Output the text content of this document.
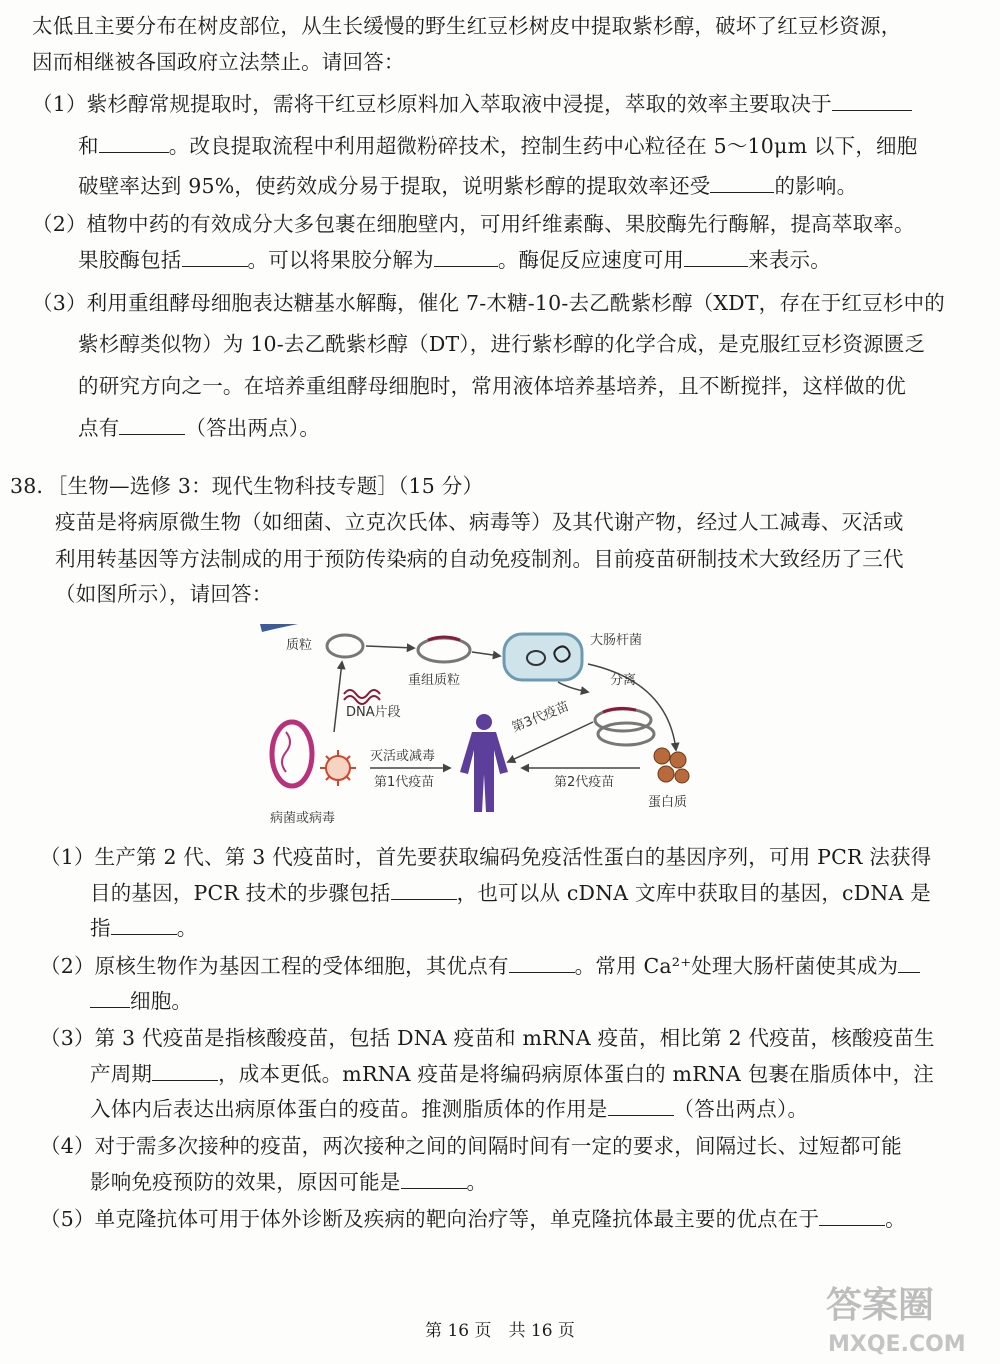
太低且主要分布在树皮部位，从生长缓慢的野生红豆杉树皮中提取紫杉醇，破坏了红豆杉资源，
因而相继被各国政府立法禁止。请回答：
（1）紫杉醇常规提取时，需将干红豆杉原料加入萃取液中浸提，萃取的效率主要取决于
和	。改良提取流程中利用超微粉碎技术，控制生药中心粒径在 5～10μm 以下，细胞
破壁率达到 95%，使药效成分易于提取，说明紫杉醇的提取效率还受	的影响。
（2）植物中药的有效成分大多包裹在细胞壁内，可用纤维素酶、果胶酶先行酶解，提高萃取率。
果胶酶包括	。可以将果胶分解为	。酶促反应速度可用	来表示。
（3）利用重组酵母细胞表达糖基水解酶，催化 7-木糖-10-去乙酰紫杉醇（XDT，存在于红豆杉中的
紫杉醇类似物）为 10-去乙酰紫杉醇（DT），进行紫杉醇的化学合成，是克服红豆杉资源匮乏
的研究方向之一。在培养重组酵母细胞时，常用液体培养基培养，且不断搅拌，这样做的优
点有	（答出两点）。
38．［生物—选修 3：现代生物科技专题］（15 分）
疫苗是将病原微生物（如细菌、立克次氏体、病毒等）及其代谢产物，经过人工减毒、灭活或
利用转基因等方法制成的用于预防传染病的自动免疫制剂。目前疫苗研制技术大致经历了三代
（如图所示），请回答：
质粒
重组质粒
大肠杆菌
分离
DNA片段	第3代疫苗
病菌或病毒
灭活或减毒
第1代疫苗	第2代疫苗
蛋白质
（1）生产第 2 代、第 3 代疫苗时，首先要获取编码免疫活性蛋白的基因序列，可用 PCR 法获得
目的基因，PCR 技术的步骤包括	，也可以从 cDNA 文库中获取目的基因，cDNA 是
指	。
（2）原核生物作为基因工程的受体细胞，其优点有	。常用 Ca²⁺处理大肠杆菌使其成为
细胞。
（3）第 3 代疫苗是指核酸疫苗，包括 DNA 疫苗和 mRNA 疫苗，相比第 2 代疫苗，核酸疫苗生
产周期	，成本更低。mRNA 疫苗是将编码病原体蛋白的 mRNA 包裹在脂质体中，注
入体内后表达出病原体蛋白的疫苗。推测脂质体的作用是	（答出两点）。
（4）对于需多次接种的疫苗，两次接种之间的间隔时间有一定的要求，间隔过长、过短都可能
影响免疫预防的效果，原因可能是	。
（5）单克隆抗体可用于体外诊断及疾病的靶向治疗等，单克隆抗体最主要的优点在于	。
第 16 页　共 16 页
答案圈
MXQE.COM
